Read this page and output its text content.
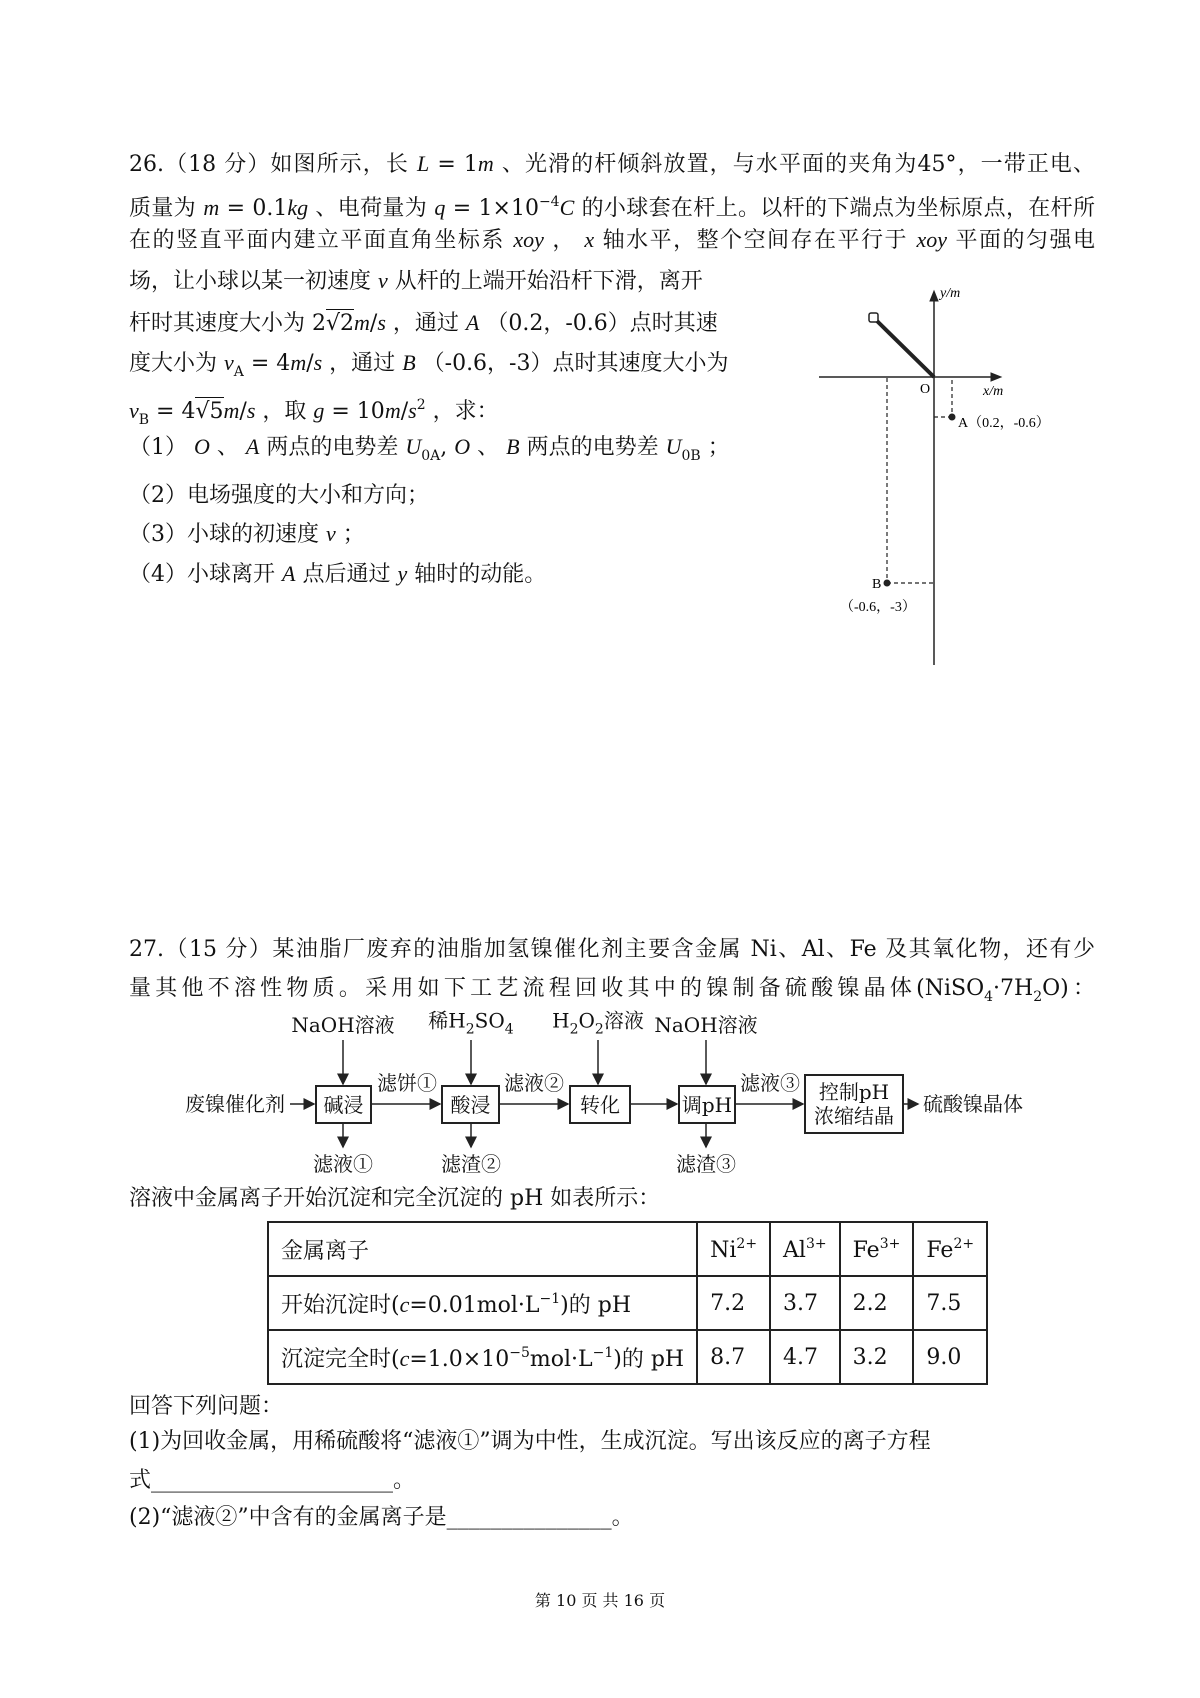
26.（18 分）如图所示，长 L = 1m 、光滑的杆倾斜放置，与水平面的夹角为45°，一带正电、
质量为 m = 0.1kg 、电荷量为 $q = 1\times 10^{-4}C$ 的小球套在杆上。以杆的下端点为坐标原点，在杆所
在的竖直平面内建立平面直角坐标系 xoy ， x 轴水平，整个空间存在平行于 xoy 平面的匀强电
场，让小球以某一初速度 v 从杆的上端开始沿杆下滑，离开
杆时其速度大小为 2 √ 2m/s ，通过 A （0.2，-0.6）点时其速
度大小为 $v_A = 4m/s$ ，通过 B （-0.6，-3）点时其速度大小为
$v_B = 4$ √ 5m/s ，取 $g = 10m/s^2$ ，求：
（1） O 、 A 两点的电势差 $U_{0A}$, O 、 B 两点的电势差 $U_{0B}$ ；
（2）电场强度的大小和方向；
（3）小球的初速度 v ；
（4）小球离开 A 点后通过 y 轴时的动能。
y/m
x/m
O
A（0.2，-0.6）
B
（-0.6，-3）
27.（15 分）某油脂厂废弃的油脂加氢镍催化剂主要含金属 Ni、Al、Fe 及其氧化物，还有少
量其他不溶性物质。采用如下工艺流程回收其中的镍制备硫酸镍晶体$(NiSO_4\cdot 7H_2O)$：
废镍催化剂
NaOH溶液 稀$H_2SO_4$ $H_2O_2$溶液 NaOH溶液
碱浸	酸浸	转化	调pH
控制pH
浓缩结晶
滤饼①	滤液②	滤液③
滤液①	滤渣②	滤渣③
硫酸镍晶体
溶液中金属离子开始沉淀和完全沉淀的 pH 如表所示：
金属离子	$Ni^{2+}$	$Al^{3+}$	$Fe^{3+}$	$Fe^{2+}$
开始沉淀时$(c=0.01mol\cdot L^{-1})$的 pH	7.2	3.7	2.2	7.5
沉淀完全时$(c=1.0\times 10^{-5}mol\cdot L^{-1})$的 pH	8.7	4.7	3.2	9.0
回答下列问题：
(1)为回收金属，用稀硫酸将“滤液①”调为中性，生成沉淀。写出该反应的离子方程
式______________________。
(2)“滤液②”中含有的金属离子是_______________。
第 10 页 共 16 页
